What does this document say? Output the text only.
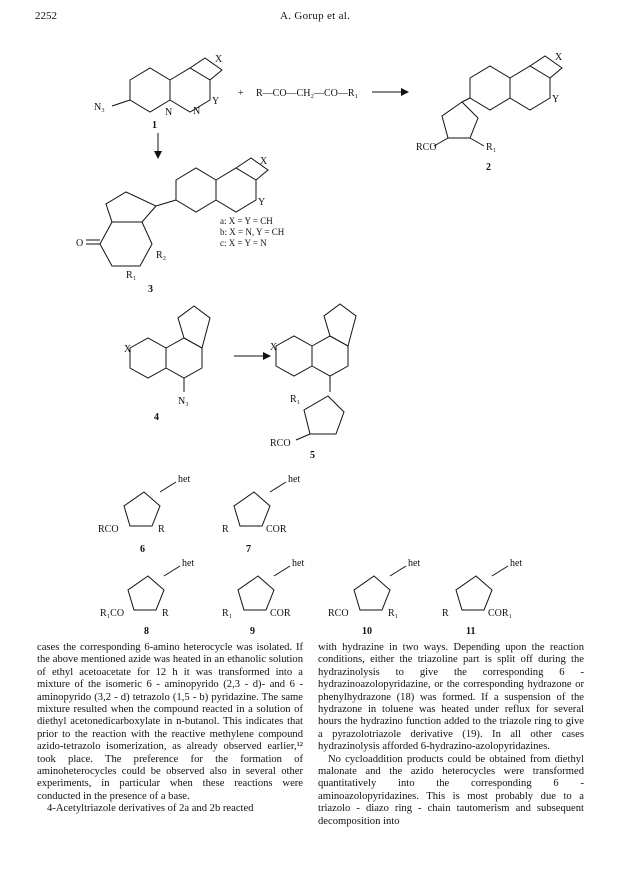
2252	A. Gorup et al.
N₃	N N
X
Y
1
+ R—CO—CH₂—CO—R₁
X
Y
RCO	R₁
2
X
Y
O
R₂
R₁
a: X = Y = CH
b: X = N, Y = CH
c: X = Y = N
3
X
N₃
4
X
R₁
RCO
5
het
RCO	R
6
het
R	COR
7
het
R₁CO	R
8
het
R₁	COR
9
het
RCO	R₁
10
het
R	COR₁
11

cases the corresponding 6-amino heterocycle was isolated. If the above mentioned azide was heated in an ethanolic solution of ethyl acetoacetate for 12 h it was transformed into a mixture of the isomeric 6 - aminopyrido (2,3 - d)- and 6 - aminopyrido (3,2 - d) tetrazolo (1,5 - b) pyridazine. The same mixture resulted when the compound reacted in a solution of diethyl acetonedicarboxylate in n-butanol. This indicates that prior to the reaction with the reactive methylene compound azido-tetrazolo isomerization, as already observed earlier,¹² took place. The preference for the formation of aminoheterocycles could be observed also in several other experiments, in particular when these reactions were conducted in the presence of a base.

4-Acetyltriazole derivatives of 2a and 2b reacted

with hydrazine in two ways. Depending upon the reaction conditions, either the triazoline part is split off during the hydrazinolysis to give the corresponding 6 - hydrazinoazolopyridazine, or the corresponding hydrazone or phenylhydrazone (18) was formed. If a suspension of the hydrazone in toluene was heated under reflux for several hours the hydrazino function added to the triazole ring to give a pyrazolotriazole derivative (19). In all other cases hydrazinolysis afforded 6-hydrazino-azolopyridazines.

No cycloaddition products could be obtained from diethyl malonate and the azido heterocycles were transformed quantitatively into the corresponding 6 - aminoazolopyridazines. This is most probably due to a triazolo - diazo ring - chain tautomerism and subsequent decomposition into
